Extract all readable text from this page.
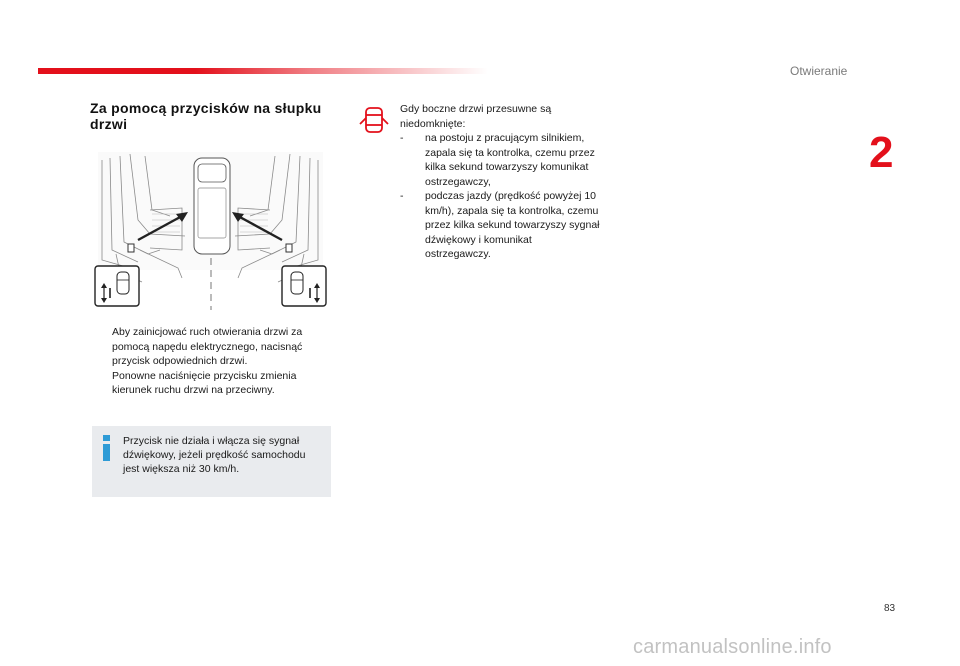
Otwieranie
2
Za pomocą przycisków na słupku drzwi

Aby zainicjować ruch otwierania drzwi za pomocą napędu elektrycznego, nacisnąć przycisk odpowiednich drzwi.

Ponowne naciśnięcie przycisku zmienia kierunek ruchu drzwi na przeciwny.

Przycisk nie działa i włącza się sygnał dźwiękowy, jeżeli prędkość samochodu jest większa niż 30 km/h.

Gdy boczne drzwi przesuwne są niedomknięte:

- na postoju z pracującym silnikiem, zapala się ta kontrolka, czemu przez kilka sekund towarzyszy komunikat ostrzegawczy,

- podczas jazdy (prędkość powyżej 10 km/h), zapala się ta kontrolka, czemu przez kilka sekund towarzyszy sygnał dźwiękowy i komunikat ostrzegawczy.

83
carmanualsonline.info
